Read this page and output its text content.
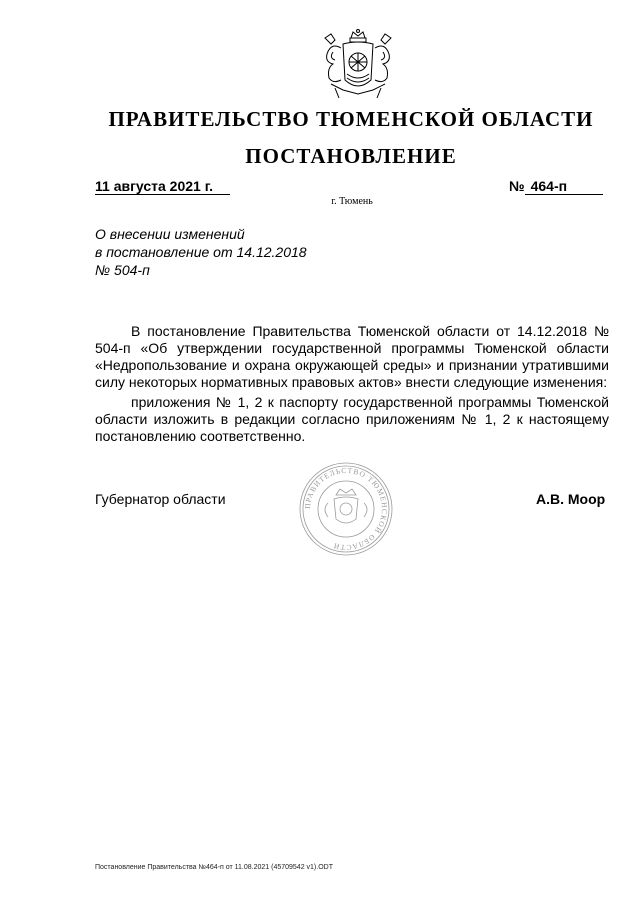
ПРАВИТЕЛЬСТВО ТЮМЕНСКОЙ ОБЛАСТИ
ПОСТАНОВЛЕНИЕ
11 августа 2021 г.	№ 464-п
г. Тюмень
О внесении изменений
в постановление от 14.12.2018
№ 504-п
В постановление Правительства Тюменской области от 14.12.2018 № 504-п «Об утверждении государственной программы Тюменской области «Недропользование и охрана окружающей среды» и признании утратившими силу некоторых нормативных правовых актов» внести следующие изменения:
приложения № 1, 2 к паспорту государственной программы Тюменской области изложить в редакции согласно приложениям № 1, 2 к настоящему постановлению соответственно.
ПРАВИТЕЛЬСТВО ТЮМЕНСКОЙ ОБЛАСТИ
Губернатор области	А.В. Моор
Постановление Правительства №464-п от 11.08.2021 (45709542 v1).ODT
